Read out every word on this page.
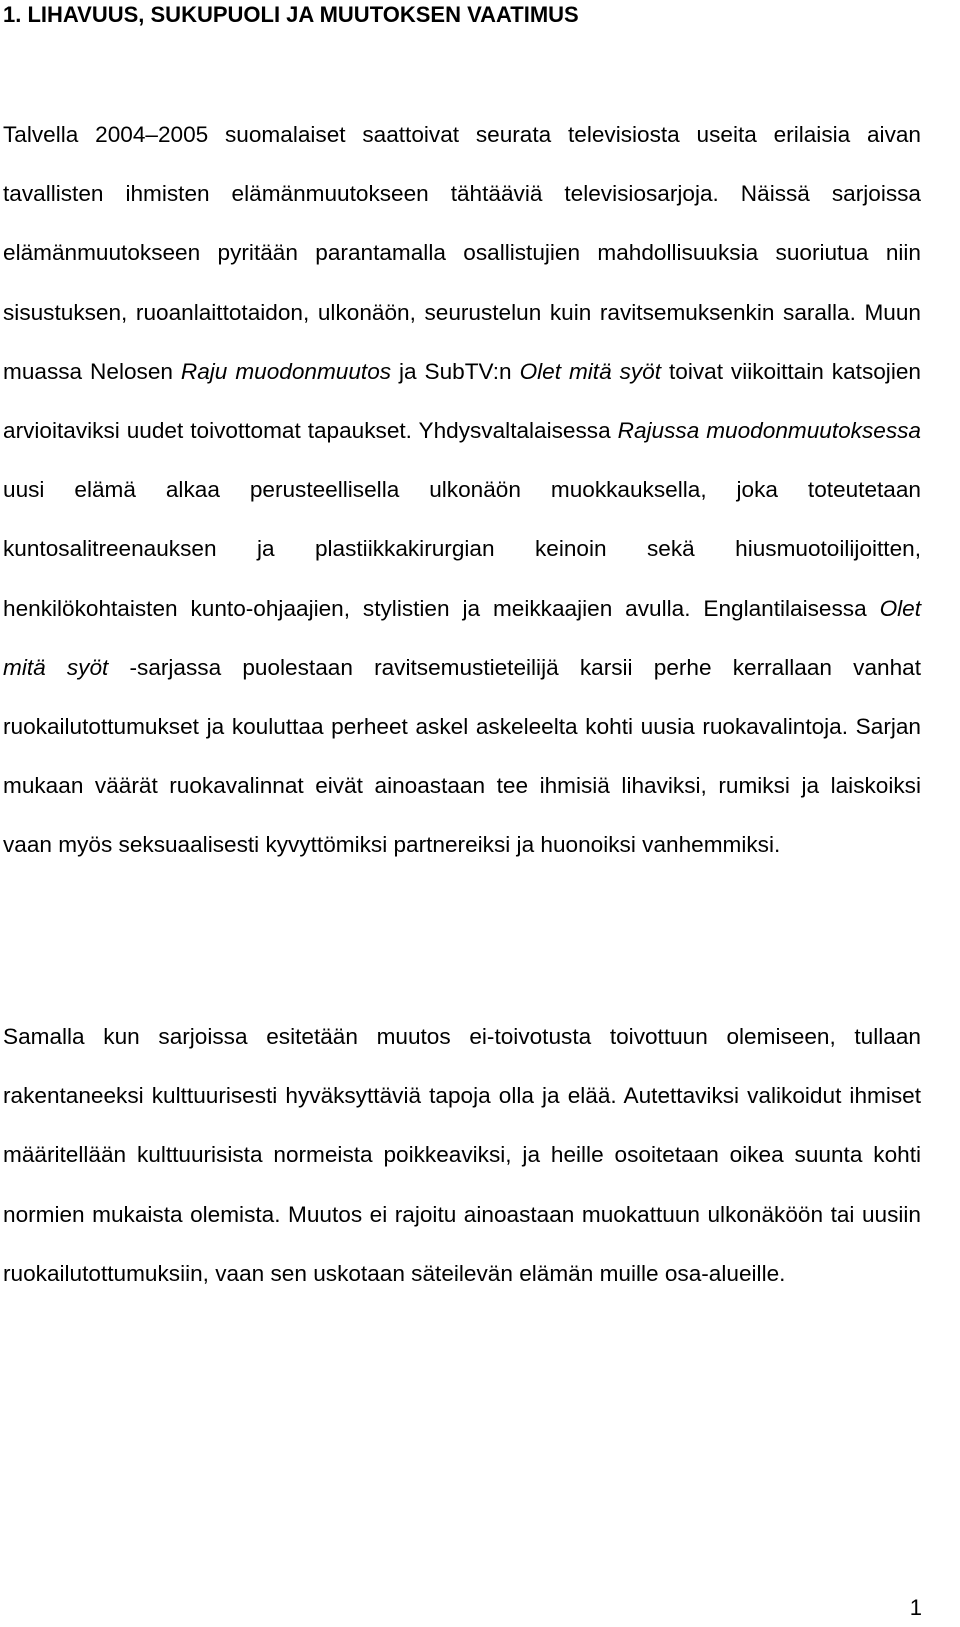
1. LIHAVUUS, SUKUPUOLI JA MUUTOKSEN VAATIMUS

Talvella 2004–2005 suomalaiset saattoivat seurata televisiosta useita erilaisia aivan tavallisten ihmisten elämänmuutokseen tähtääviä televisiosarjoja. Näissä sarjoissa elämänmuutokseen pyritään parantamalla osallistujien mahdollisuuksia suoriutua niin sisustuksen, ruoanlaittotaidon, ulkonäön, seurustelun kuin ravitsemuksenkin saralla. Muun muassa Nelosen Raju muodonmuutos ja SubTV:n Olet mitä syöt toivat viikoittain katsojien arvioitaviksi uudet toivottomat tapaukset. Yhdysvaltalaisessa Rajussa muodonmuutoksessa uusi elämä alkaa perusteellisella ulkonäön muokkauksella, joka toteutetaan kuntosalitreenauksen ja plastiikkakirurgian keinoin sekä hiusmuotoilijoitten, henkilökohtaisten kunto-ohjaajien, stylistien ja meikkaajien avulla. Englantilaisessa Olet mitä syöt -sarjassa puolestaan ravitsemustieteilijä karsii perhe kerrallaan vanhat ruokailutottumukset ja kouluttaa perheet askel askeleelta kohti uusia ruokavalintoja. Sarjan mukaan väärät ruokavalinnat eivät ainoastaan tee ihmisiä lihaviksi, rumiksi ja laiskoiksi vaan myös seksuaalisesti kyvyttömiksi partnereiksi ja huonoiksi vanhemmiksi.

Samalla kun sarjoissa esitetään muutos ei-toivotusta toivottuun olemiseen, tullaan rakentaneeksi kulttuurisesti hyväksyttäviä tapoja olla ja elää. Autettaviksi valikoidut ihmiset määritellään kulttuurisista normeista poikkeaviksi, ja heille osoitetaan oikea suunta kohti normien mukaista olemista. Muutos ei rajoitu ainoastaan muokattuun ulkonäköön tai uusiin ruokailutottumuksiin, vaan sen uskotaan säteilevän elämän muille osa-alueille.

1
